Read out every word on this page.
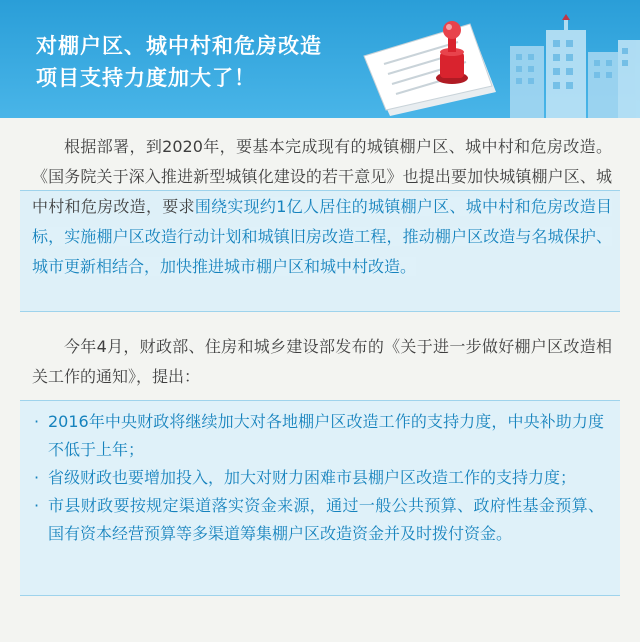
对棚户区、城中村和危房改造
项目支持力度加大了！

根据部署，到2020年，要基本完成现有的城镇棚户区、城中村和危房改造。《国务院关于深入推进新型城镇化建设的若干意见》也提出要加快城镇棚户区、城中村和危房改造，要求围绕实现约1亿人居住的城镇棚户区、城中村和危房改造目标，实施棚户区改造行动计划和城镇旧房改造工程，推动棚户区改造与名城保护、城市更新相结合，加快推进城市棚户区和城中村改造。

今年4月，财政部、住房和城乡建设部发布的《关于进一步做好棚户区改造相关工作的通知》，提出：

· 2016年中央财政将继续加大对各地棚户区改造工作的支持力度，中央补助力度不低于上年；
· 省级财政也要增加投入，加大对财力困难市县棚户区改造工作的支持力度；
· 市县财政要按规定渠道落实资金来源，通过一般公共预算、政府性基金预算、国有资本经营预算等多渠道筹集棚户区改造资金并及时拨付资金。
